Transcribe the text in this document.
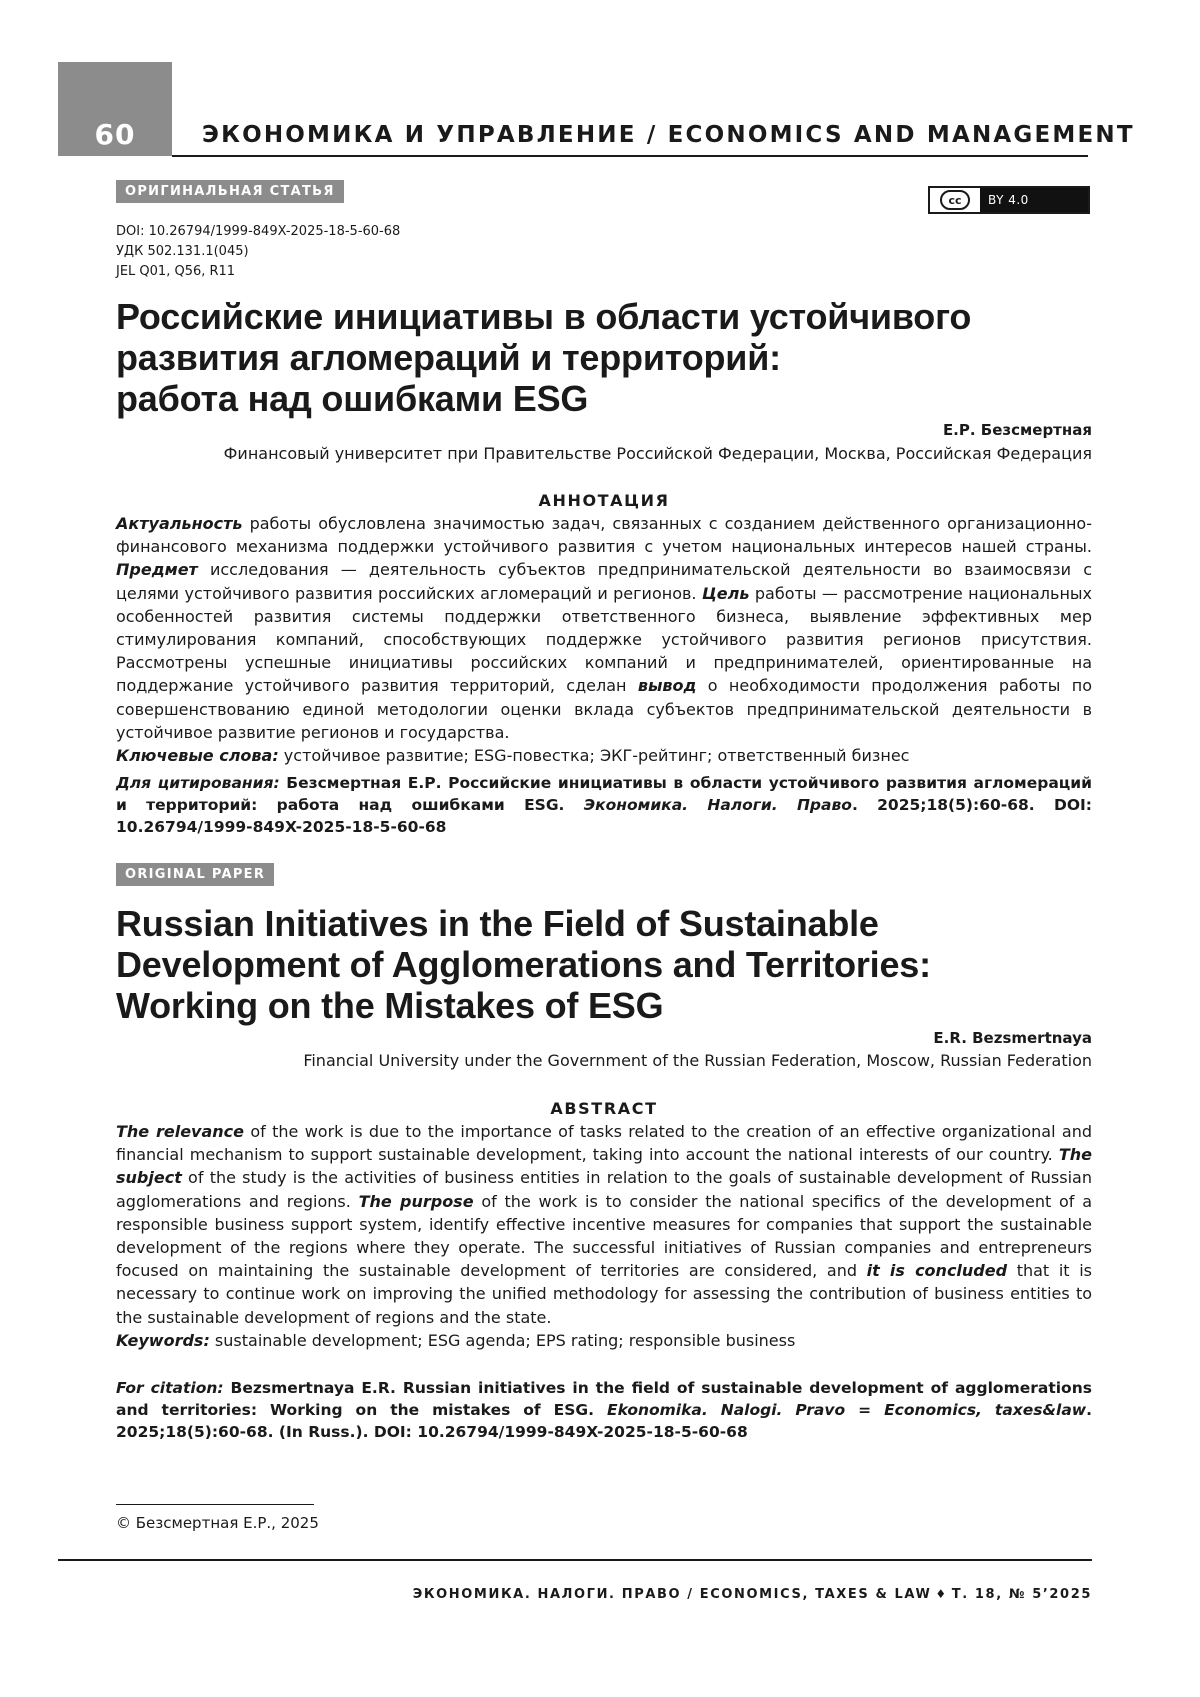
60	ЭКОНОМИКА И УПРАВЛЕНИЕ / ECONOMICS AND MANAGEMENT
ОРИГИНАЛЬНАЯ СТАТЬЯ
cc	BY 4.0
DOI: 10.26794/1999-849X-2025-18-5-60-68
УДК 502.131.1(045)
JEL Q01, Q56, R11
Российские инициативы в области устойчивого
развития агломераций и территорий:
работа над ошибками ESG
Е.Р. Безсмертная
Финансовый университет при Правительстве Российской Федерации, Москва, Российская Федерация
АННОТАЦИЯ

Актуальность работы обусловлена значимостью задач, связанных с созданием действенного организационно-финансового механизма поддержки устойчивого развития с учетом национальных интересов нашей страны. Предмет исследования — деятельность субъектов предпринимательской деятельности во взаимосвязи с целями устойчивого развития российских агломераций и регионов. Цель работы — рассмотрение национальных особенностей развития системы поддержки ответственного бизнеса, выявление эффективных мер стимулирования компаний, способствующих поддержке устойчивого развития регионов присутствия. Рассмотрены успешные инициативы российских компаний и предпринимателей, ориентированные на поддержание устойчивого развития территорий, сделан вывод о необходимости продолжения работы по совершенствованию единой методологии оценки вклада субъектов предпринимательской деятельности в устойчивое развитие регионов и государства.

Ключевые слова: устойчивое развитие; ESG-повестка; ЭКГ-рейтинг; ответственный бизнес

Для цитирования: Безсмертная Е.Р. Российские инициативы в области устойчивого развития агломераций и территорий: работа над ошибками ESG. Экономика. Налоги. Право. 2025;18(5):60-68. DOI: 10.26794/1999-849X-2025-18-5-60-68

ORIGINAL PAPER
Russian Initiatives in the Field of Sustainable
Development of Agglomerations and Territories:
Working on the Mistakes of ESG
E.R. Bezsmertnaya
Financial University under the Government of the Russian Federation, Moscow, Russian Federation
ABSTRACT

The relevance of the work is due to the importance of tasks related to the creation of an effective organizational and financial mechanism to support sustainable development, taking into account the national interests of our country. The subject of the study is the activities of business entities in relation to the goals of sustainable development of Russian agglomerations and regions. The purpose of the work is to consider the national specifics of the development of a responsible business support system, identify effective incentive measures for companies that support the sustainable development of the regions where they operate. The successful initiatives of Russian companies and entrepreneurs focused on maintaining the sustainable development of territories are considered, and it is concluded that it is necessary to continue work on improving the unified methodology for assessing the contribution of business entities to the sustainable development of regions and the state.

Keywords: sustainable development; ESG agenda; EPS rating; responsible business

For citation: Bezsmertnaya E.R. Russian initiatives in the field of sustainable development of agglomerations and territories: Working on the mistakes of ESG. Ekonomika. Nalogi. Pravo = Economics, taxes&law. 2025;18(5):60-68. (In Russ.). DOI: 10.26794/1999-849X-2025-18-5-60-68

© Безсмертная Е.Р., 2025
ЭКОНОМИКА. НАЛОГИ. ПРАВО / ECONOMICS, TAXES & LAW ♦ Т. 18, № 5’2025
